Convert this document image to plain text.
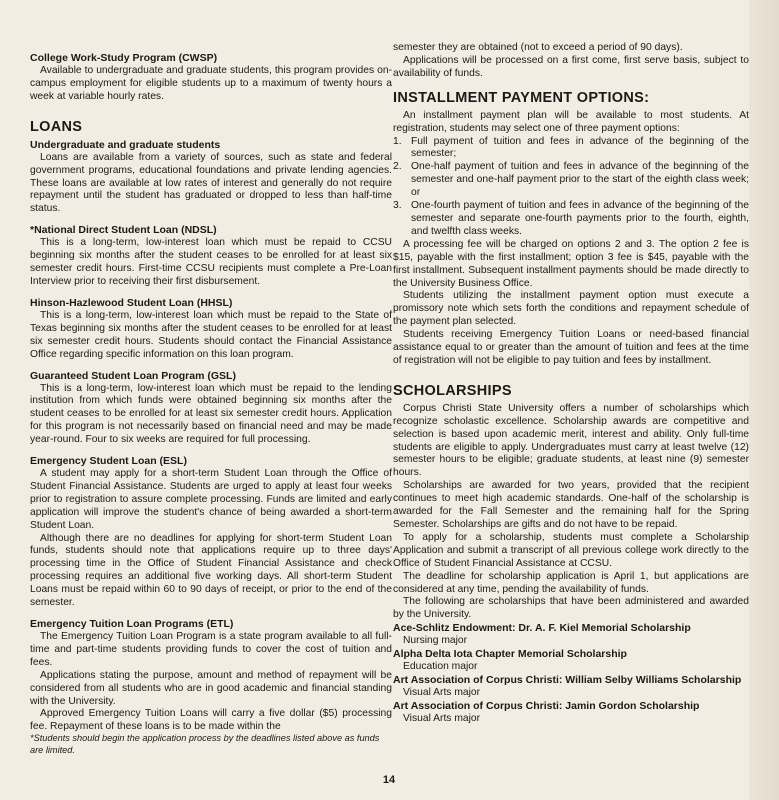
College Work-Study Program (CWSP)

Available to undergraduate and graduate students, this program provides on-campus employment for eligible students up to a maximum of twenty hours a week at variable hourly rates.

LOANS
Undergraduate and graduate students

Loans are available from a variety of sources, such as state and federal government programs, educational foundations and private lending agencies. These loans are available at low rates of interest and generally do not require repayment until the student has graduated or dropped to less than half-time status.

*National Direct Student Loan (NDSL)

This is a long-term, low-interest loan which must be repaid to CCSU beginning six months after the student ceases to be enrolled for at least six semester credit hours. First-time CCSU recipients must complete a Pre-Loan Interview prior to receiving their first disbursement.

Hinson-Hazlewood Student Loan (HHSL)

This is a long-term, low-interest loan which must be repaid to the State of Texas beginning six months after the student ceases to be enrolled for at least six semester credit hours. Students should contact the Financial Assistance Office regarding specific information on this loan program.

Guaranteed Student Loan Program (GSL)

This is a long-term, low-interest loan which must be repaid to the lending institution from which funds were obtained beginning six months after the student ceases to be enrolled for at least six semester credit hours. Application for this program is not necessarily based on financial need and may be made year-round. Four to six weeks are required for full processing.

Emergency Student Loan (ESL)

A student may apply for a short-term Student Loan through the Office of Student Financial Assistance. Students are urged to apply at least four weeks prior to registration to assure complete processing. Funds are limited and early application will improve the student's chance of being awarded a short-term Student Loan.

Although there are no deadlines for applying for short-term Student Loan funds, students should note that applications require up to three days' processing time in the Office of Student Financial Assistance and check processing requires an additional five working days. All short-term Student Loans must be repaid within 60 to 90 days of receipt, or prior to the end of the semester.

Emergency Tuition Loan Programs (ETL)

The Emergency Tuition Loan Program is a state program available to all full-time and part-time students providing funds to cover the cost of tuition and fees.

Applications stating the purpose, amount and method of repayment will be considered from all students who are in good academic and financial standing with the University.

Approved Emergency Tuition Loans will carry a five dollar ($5) processing fee. Repayment of these loans is to be made within the

*Students should begin the application process by the deadlines listed above as funds are limited.

semester they are obtained (not to exceed a period of 90 days).

Applications will be processed on a first come, first serve basis, subject to availability of funds.

INSTALLMENT PAYMENT OPTIONS:

An installment payment plan will be available to most students. At registration, students may select one of three payment options:

1. Full payment of tuition and fees in advance of the beginning of the semester;
2. One-half payment of tuition and fees in advance of the beginning of the semester and one-half payment prior to the start of the eighth class week; or
3. One-fourth payment of tuition and fees in advance of the beginning of the semester and separate one-fourth payments prior to the fourth, eighth, and twelfth class weeks.

A processing fee will be charged on options 2 and 3. The option 2 fee is $15, payable with the first installment; option 3 fee is $45, payable with the first installment. Subsequent installment payments should be made directly to the University Business Office.

Students utilizing the installment payment option must execute a promissory note which sets forth the conditions and repayment schedule of the payment plan selected.

Students receiving Emergency Tuition Loans or need-based financial assistance equal to or greater than the amount of tuition and fees at the time of registration will not be eligible to pay tuition and fees by installment.

SCHOLARSHIPS

Corpus Christi State University offers a number of scholarships which recognize scholastic excellence. Scholarship awards are competitive and selection is based upon academic merit, interest and ability. Only full-time students are eligible to apply. Undergraduates must carry at least twelve (12) semester hours to be eligible; graduate students, at least nine (9) semester hours.

Scholarships are awarded for two years, provided that the recipient continues to meet high academic standards. One-half of the scholarship is awarded for the Fall Semester and the remaining half for the Spring Semester. Scholarships are gifts and do not have to be repaid.

To apply for a scholarship, students must complete a Scholarship Application and submit a transcript of all previous college work directly to the Office of Student Financial Assistance at CCSU.

The deadline for scholarship application is April 1, but applications are considered at any time, pending the availability of funds.

The following are scholarships that have been administered and awarded by the University.

Ace-Schlitz Endowment: Dr. A. F. Kiel Memorial Scholarship

Nursing major

Alpha Delta Iota Chapter Memorial Scholarship

Education major

Art Association of Corpus Christi: William Selby Williams Scholarship

Visual Arts major

Art Association of Corpus Christi: Jamin Gordon Scholarship

Visual Arts major

14
